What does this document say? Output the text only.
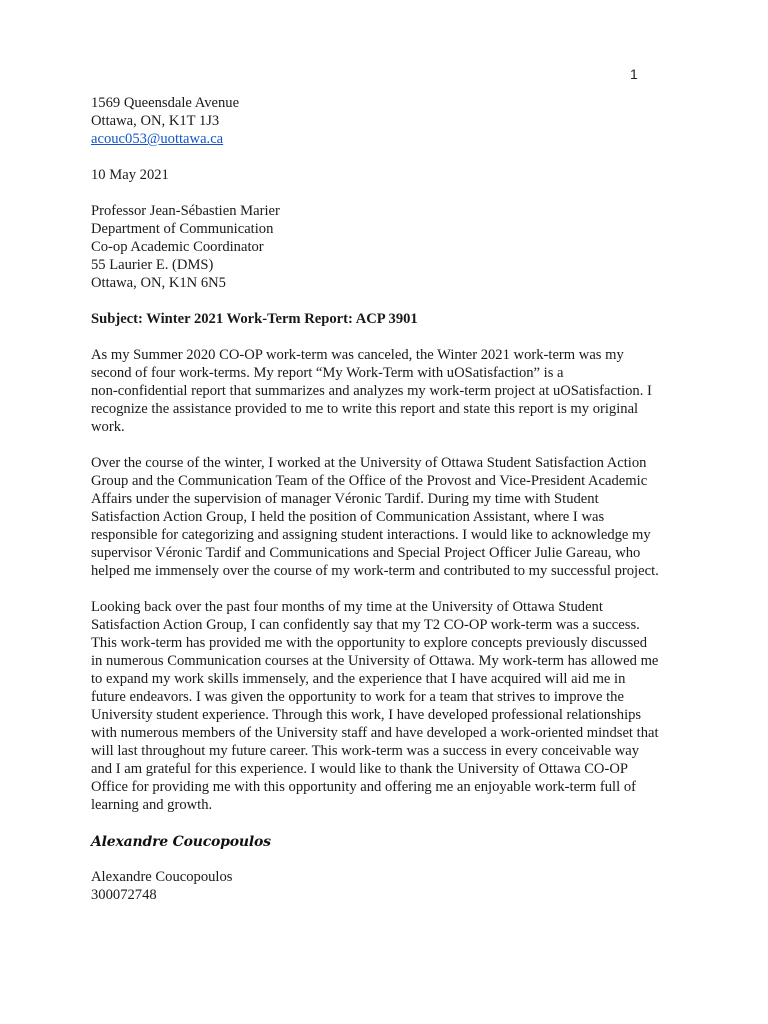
1
1569 Queensdale Avenue
Ottawa, ON, K1T 1J3
acouc053@uottawa.ca
10 May 2021
Professor Jean-Sébastien Marier
Department of Communication
Co-op Academic Coordinator
55 Laurier E. (DMS)
Ottawa, ON, K1N 6N5
Subject: Winter 2021 Work-Term Report: ACP 3901
As my Summer 2020 CO-OP work-term was canceled, the Winter 2021 work-term was my
second of four work-terms. My report “My Work-Term with uOSatisfaction” is a
non-confidential report that summarizes and analyzes my work-term project at uOSatisfaction. I
recognize the assistance provided to me to write this report and state this report is my original
work.
Over the course of the winter, I worked at the University of Ottawa Student Satisfaction Action
Group and the Communication Team of the Office of the Provost and Vice-President Academic
Affairs under the supervision of manager Véronic Tardif. During my time with Student
Satisfaction Action Group, I held the position of Communication Assistant, where I was
responsible for categorizing and assigning student interactions. I would like to acknowledge my
supervisor Véronic Tardif and Communications and Special Project Officer Julie Gareau, who
helped me immensely over the course of my work-term and contributed to my successful project.
Looking back over the past four months of my time at the University of Ottawa Student
Satisfaction Action Group, I can confidently say that my T2 CO-OP work-term was a success.
This work-term has provided me with the opportunity to explore concepts previously discussed
in numerous Communication courses at the University of Ottawa. My work-term has allowed me
to expand my work skills immensely, and the experience that I have acquired will aid me in
future endeavors. I was given the opportunity to work for a team that strives to improve the
University student experience. Through this work, I have developed professional relationships
with numerous members of the University staff and have developed a work-oriented mindset that
will last throughout my future career. This work-term was a success in every conceivable way
and I am grateful for this experience. I would like to thank the University of Ottawa CO-OP
Office for providing me with this opportunity and offering me an enjoyable work-term full of
learning and growth.
Alexandre Coucopoulos
Alexandre Coucopoulos
300072748
